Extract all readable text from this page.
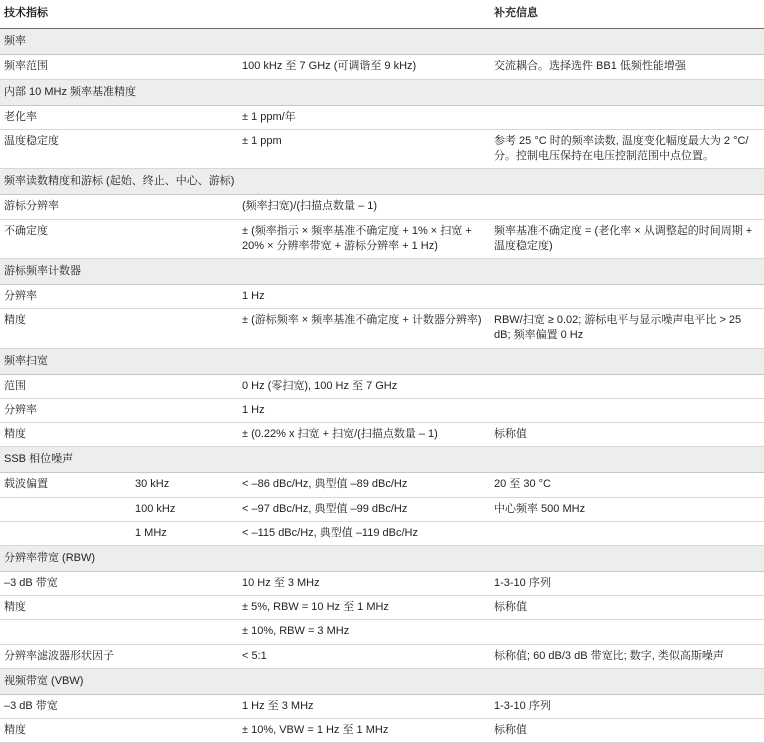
技术指标			补充信息
频率			
频率范围		100 kHz 至 7 GHz (可调谐至 9 kHz)	交流耦合。选择选件 BB1 低频性能增强
内部 10 MHz 频率基准精度			
老化率		± 1 ppm/年	
温度稳定度		± 1 ppm	参考 25 °C 时的频率读数, 温度变化幅度最大为 2 °C/分。控制电压保持在电压控制范围中点位置。
频率读数精度和游标 (起始、终止、中心、游标)			
游标分辨率		(频率扫宽)/(扫描点数量 – 1)	
不确定度		± (频率指示 × 频率基准不确定度 + 1% × 扫宽 + 20% × 分辨率带宽 + 游标分辨率 + 1 Hz)	频率基准不确定度 = (老化率 × 从调整起的时间周期 + 温度稳定度)
游标频率计数器			
分辨率		1 Hz	
精度		± (游标频率 × 频率基准不确定度 + 计数器分辨率)	RBW/扫宽 ≥ 0.02; 游标电平与显示噪声电平比 > 25 dB; 频率偏置 0 Hz
频率扫宽			
范围		0 Hz (零扫宽), 100 Hz 至 7 GHz	
分辨率		1 Hz	
精度		± (0.22% x 扫宽 + 扫宽/(扫描点数量 – 1)	标称值
SSB 相位噪声			
载波偏置	30 kHz	< –86 dBc/Hz, 典型值 –89 dBc/Hz	20 至 30 °C
	100 kHz	< –97 dBc/Hz, 典型值 –99 dBc/Hz	中心频率 500 MHz
	1 MHz	< –115 dBc/Hz, 典型值 –119 dBc/Hz	
分辨率带宽 (RBW)			
–3 dB 带宽		10 Hz 至 3 MHz	1-3-10 序列
精度		± 5%, RBW = 10 Hz 至 1 MHz	标称值
		± 10%, RBW = 3 MHz	
分辨率滤波器形状因子		< 5:1	标称值; 60 dB/3 dB 带宽比; 数字, 类似高斯噪声
视频带宽 (VBW)			
–3 dB 带宽		1 Hz 至 3 MHz	1-3-10 序列
精度		± 10%, VBW = 1 Hz 至 1 MHz	标称值
